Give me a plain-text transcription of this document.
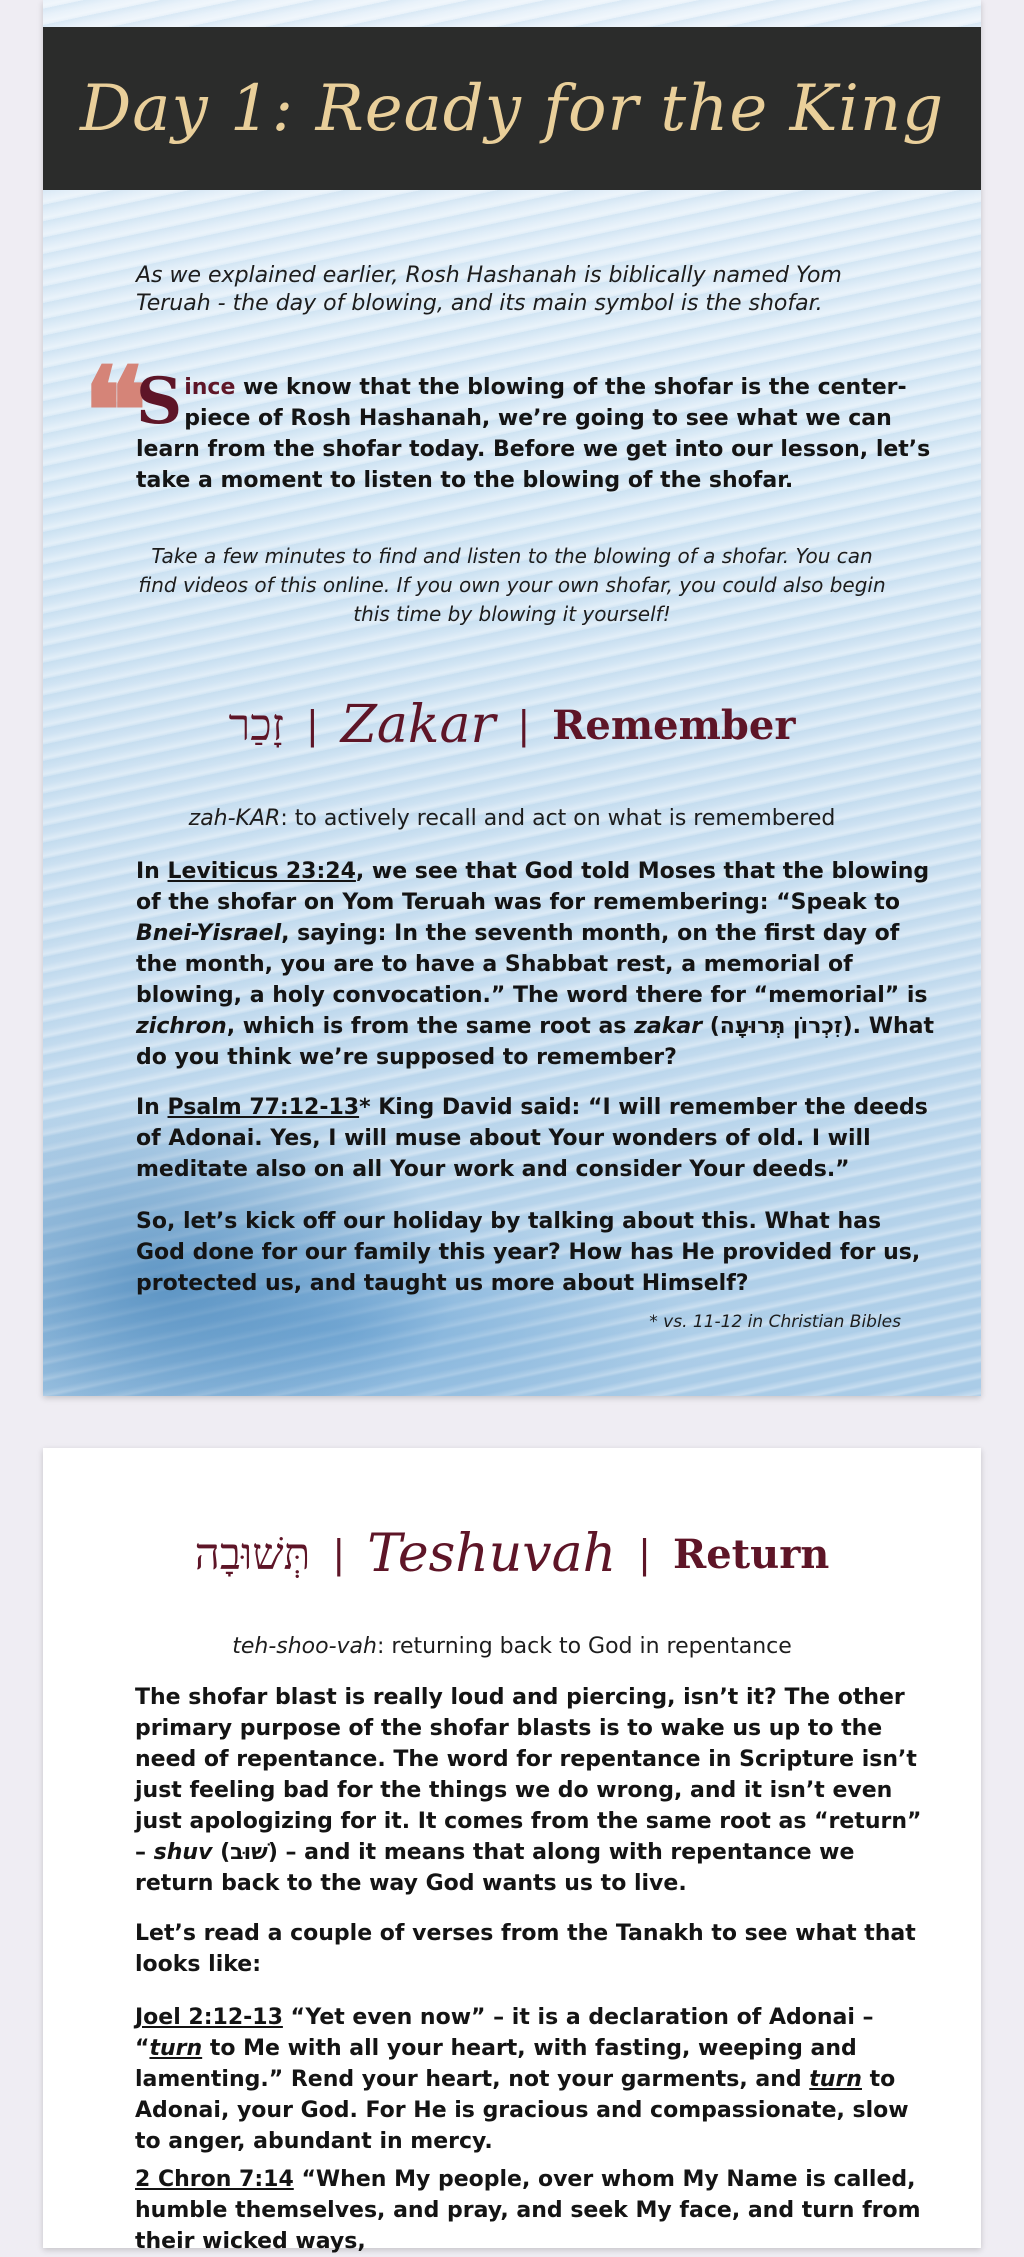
Day 1: Ready for the King
As we explained earlier, Rosh Hashanah is biblically named Yom Teruah - the day of blowing, and its main symbol is the shofar.
❝
Since we know that the blowing of the shofar is the center-piece of Rosh Hashanah, we’re going to see what we can learn from the shofar today. Before we get into our lesson, let’s take a moment to listen to the blowing of the shofar.
Take a few minutes to find and listen to the blowing of a shofar. You can find videos of this online. If you own your own shofar, you could also begin this time by blowing it yourself!
זָכַר | Zakar | Remember
zah-KAR: to actively recall and act on what is remembered
In Leviticus 23:24, we see that God told Moses that the blowing of the shofar on Yom Teruah was for remembering: “Speak to Bnei-Yisrael, saying: In the seventh month, on the first day of the month, you are to have a Shabbat rest, a memorial of blowing, a holy convocation.” The word there for “memorial” is zichron, which is from the same root as zakar (זִכְרוֹן תְּרוּעָה). What do you think we’re supposed to remember?
In Psalm 77:12-13* King David said: “I will remember the deeds of Adonai. Yes, I will muse about Your wonders of old. I will meditate also on all Your work and consider Your deeds.”
So, let’s kick off our holiday by talking about this. What has God done for our family this year? How has He provided for us, protected us, and taught us more about Himself?
* vs. 11-12 in Christian Bibles
תְּשׁוּבָה | Teshuvah | Return
teh-shoo-vah: returning back to God in repentance
The shofar blast is really loud and piercing, isn’t it? The other primary purpose of the shofar blasts is to wake us up to the need of repentance. The word for repentance in Scripture isn’t just feeling bad for the things we do wrong, and it isn’t even just apologizing for it. It comes from the same root as “return” – shuv (שׁוּב) – and it means that along with repentance we return back to the way God wants us to live.
Let’s read a couple of verses from the Tanakh to see what that looks like:
Joel 2:12-13 “Yet even now” – it is a declaration of Adonai – “turn to Me with all your heart, with fasting, weeping and lamenting.” Rend your heart, not your garments, and turn to Adonai, your God. For He is gracious and compassionate, slow to anger, abundant in mercy.
2 Chron 7:14 “When My people, over whom My Name is called, humble themselves, and pray, and seek My face, and turn from their wicked ways,
